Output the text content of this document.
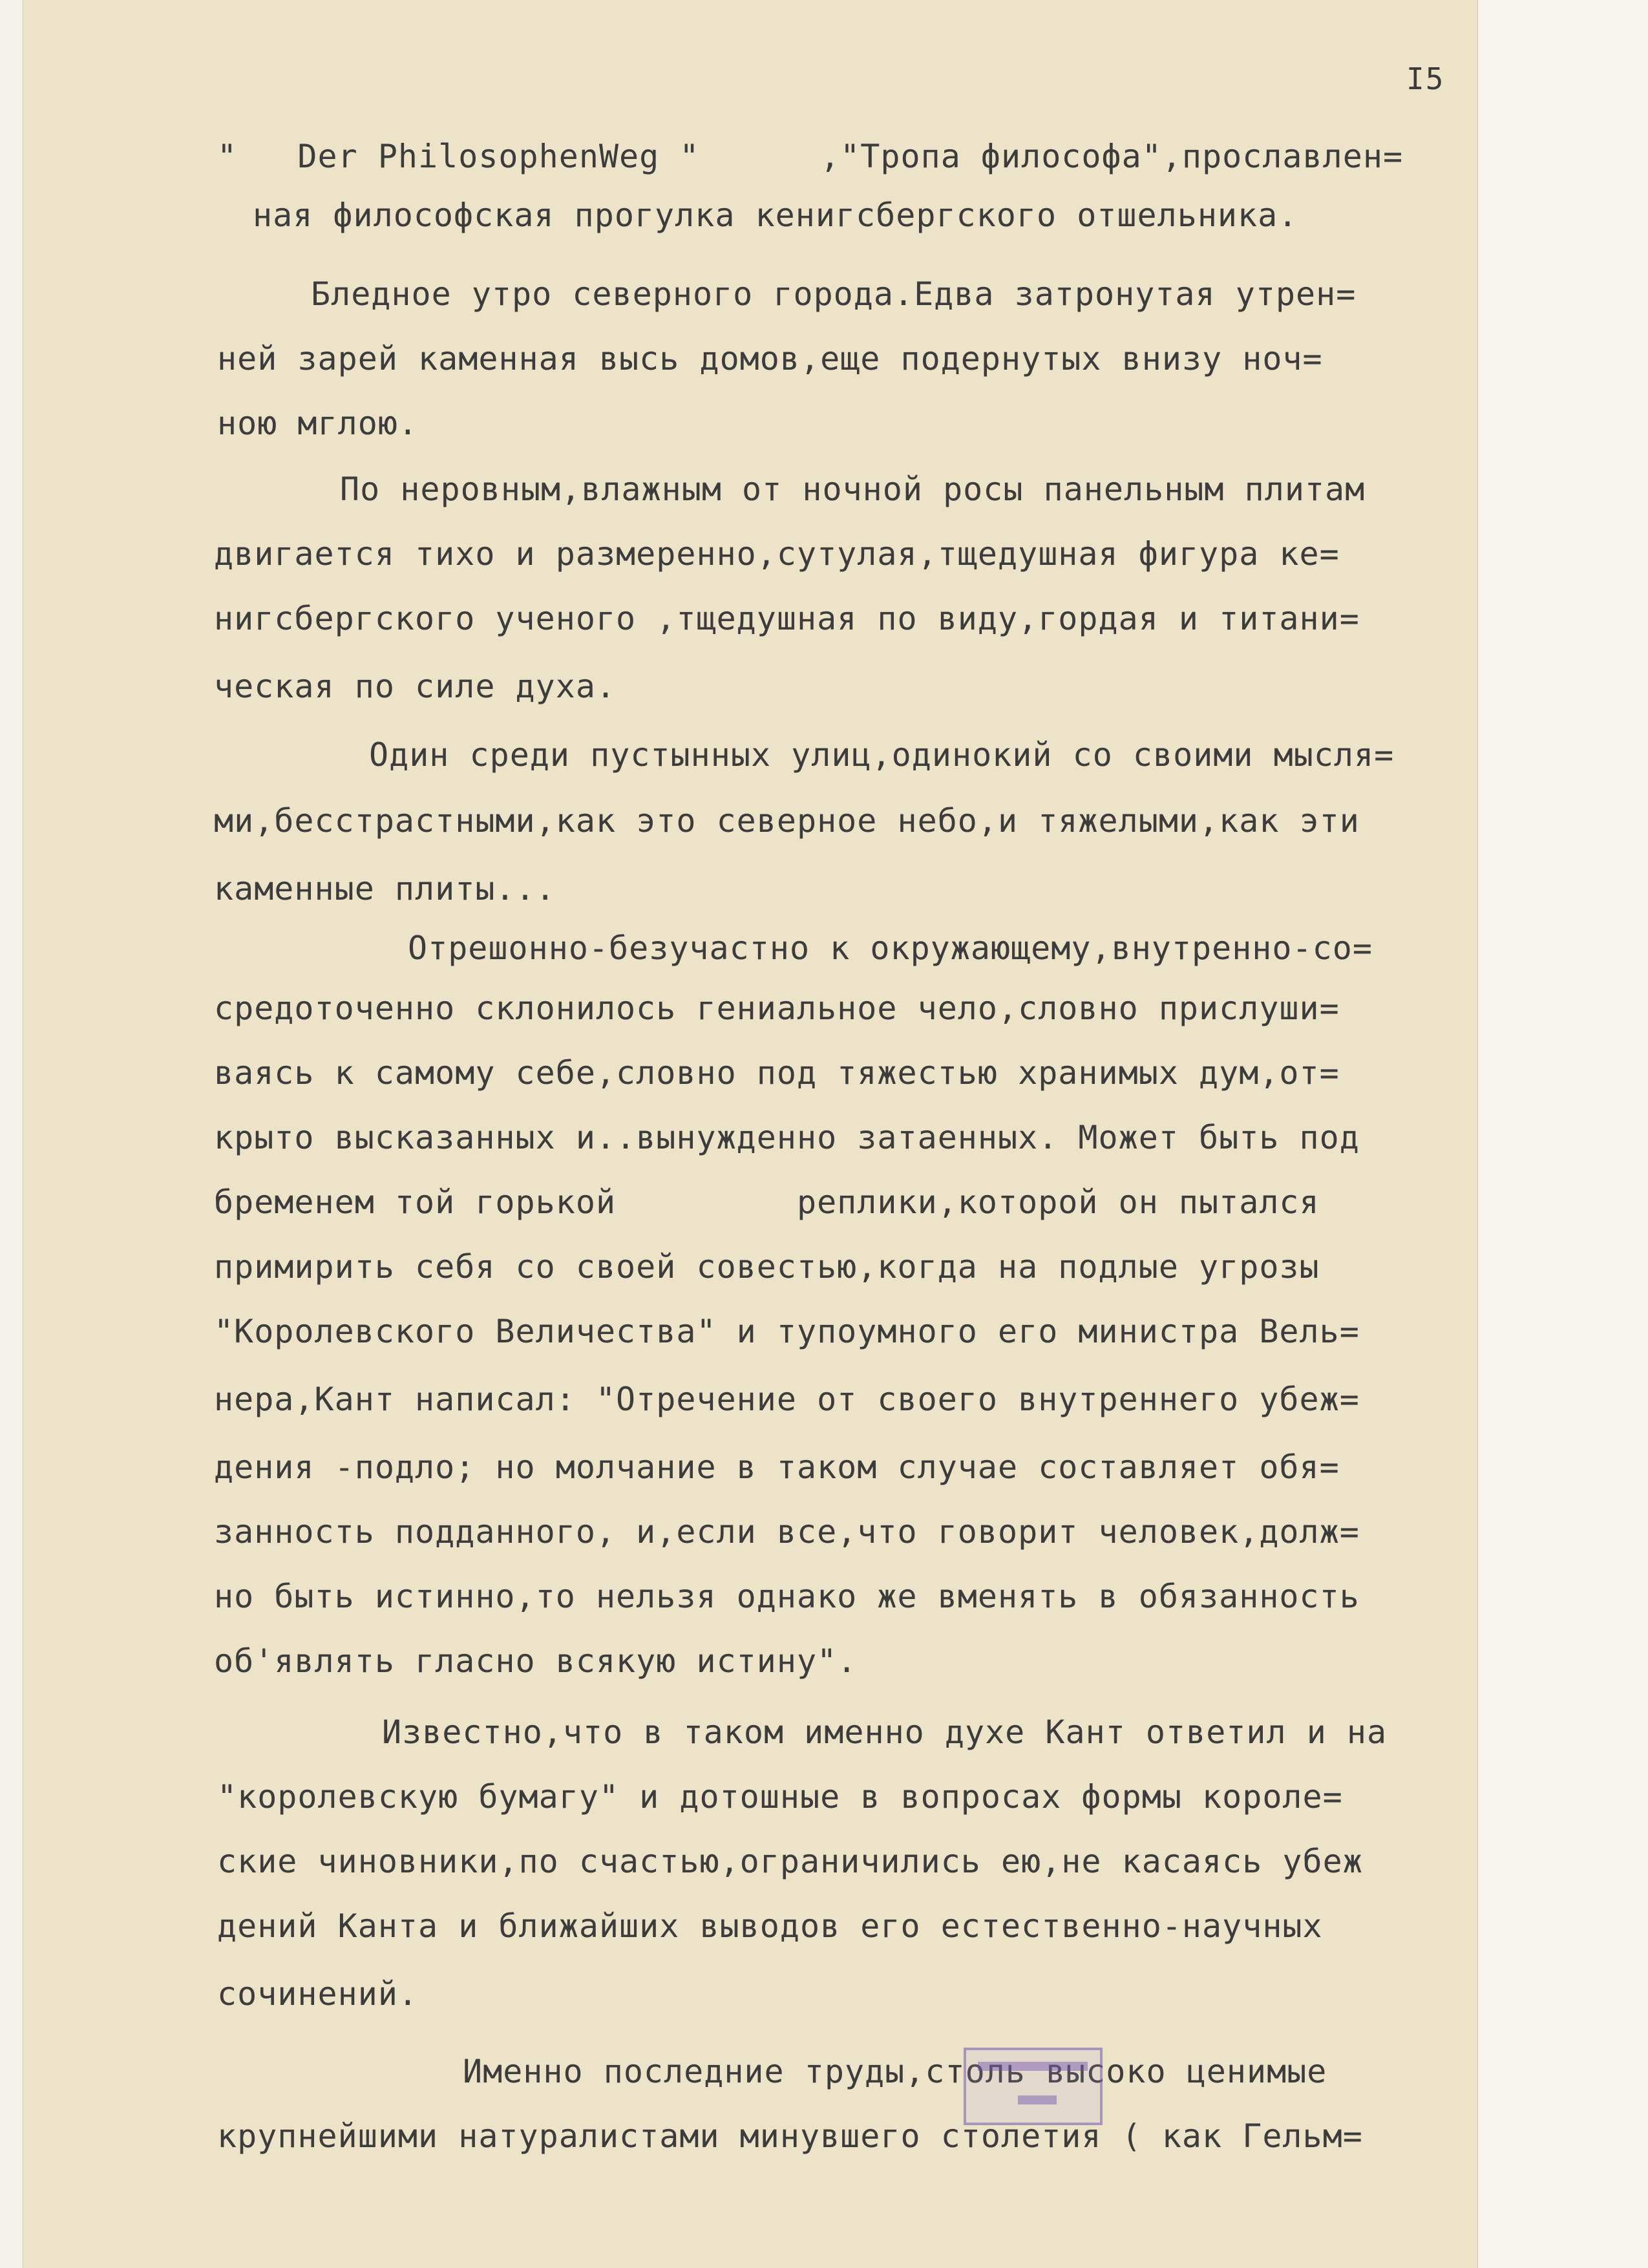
I5
"   Der PhilosophenWeg "      ,"Тропа философа",прославлен=
ная философская прогулка кенигсбергского отшельника.
Бледное утро северного города.Едва затронутая утрен=
ней зарей каменная высь домов,еще подернутых внизу ноч=
ною мглою.
По неровным,влажным от ночной росы панельным плитам
двигается тихо и размеренно,сутулая,тщедушная фигура ке=
нигсбергского ученого ,тщедушная по виду,гордая и титани=
ческая по силе духа.
Один среди пустынных улиц,одинокий со своими мысля=
ми,бесстрастными,как это северное небо,и тяжелыми,как эти
каменные плиты...
Отрешонно-безучастно к окружающему,внутренно-со=
средоточенно склонилось гениальное чело,словно прислуши=
ваясь к самому себе,словно под тяжестью хранимых дум,от=
крыто высказанных и..вынужденно затаенных. Может быть под
бременем той горькой         реплики,которой он пытался
примирить себя со своей совестью,когда на подлые угрозы
"Королевского Величества" и тупоумного его министра Вель=
нера,Кант написал: "Отречение от своего внутреннего убеж=
дения -подло; но молчание в таком случае составляет обя=
занность подданного, и,если все,что говорит человек,долж=
но быть истинно,то нельзя однако же вменять в обязанность
об'являть гласно всякую истину".
Известно,что в таком именно духе Кант ответил и на
"королевскую бумагу" и дотошные в вопросах формы короле=
ские чиновники,по счастью,ограничились ею,не касаясь убеж
дений Канта и ближайших выводов его естественно-научных
сочинений.
Именно последние труды,столь высоко ценимые
крупнейшими натуралистами минувшего столетия ( как Гельм=
